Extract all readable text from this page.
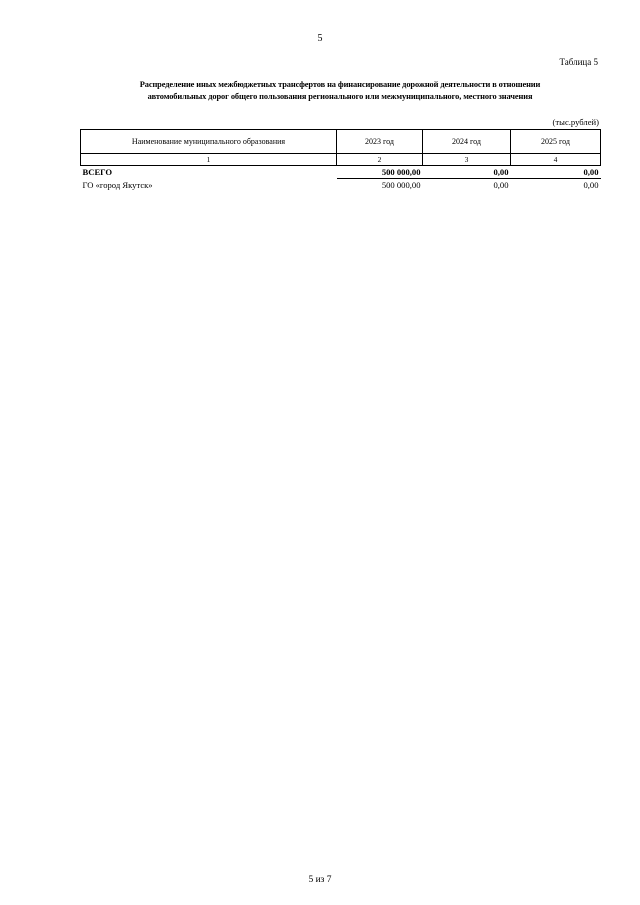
5
Таблица 5
Распределение иных межбюджетных трансфертов на финансирование дорожной деятельности в отношении
автомобильных дорог общего пользования регионального или межмуниципального, местного значения
(тыс.рублей)
Наименование муниципального образования	2023 год	2024 год	2025 год
1	2	3	4
ВСЕГО	500 000,00	0,00	0,00
ГО «город Якутск»	500 000,00	0,00	0,00
5 из 7
